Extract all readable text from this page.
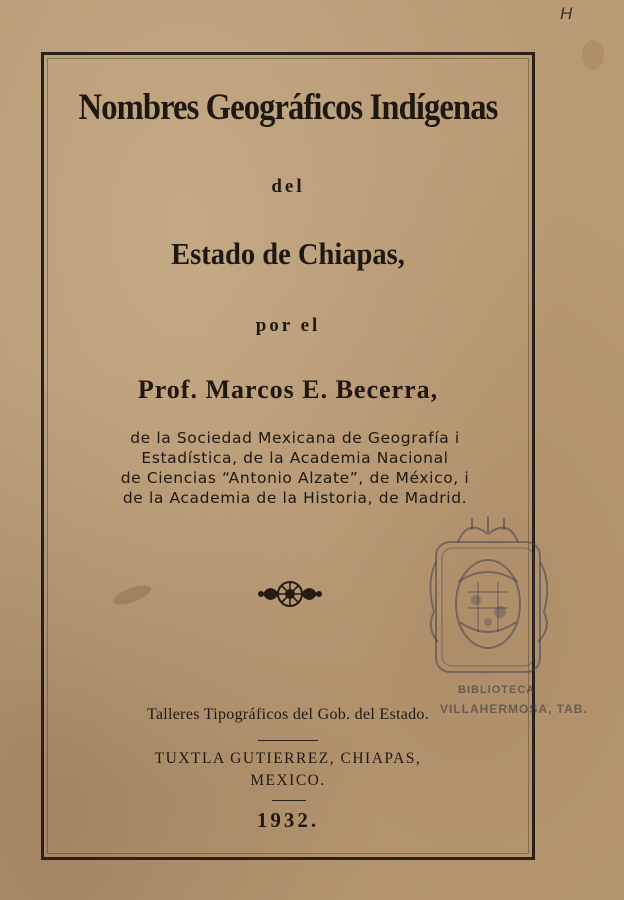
H
Nombres Geográficos Indígenas
del
Estado de Chiapas,
por el
Prof. Marcos E. Becerra,
de la Sociedad Mexicana de Geografía i
Estadística, de la Academia Nacional
de Ciencias “Antonio Alzate”, de México, i
de la Academia de la Historia, de Madrid.
Talleres Tipográficos del Gob. del Estado.
TUXTLA GUTIERREZ, CHIAPAS,
MEXICO.
1932.
BIBLIOTECA
VILLAHERMOSA, TAB.
